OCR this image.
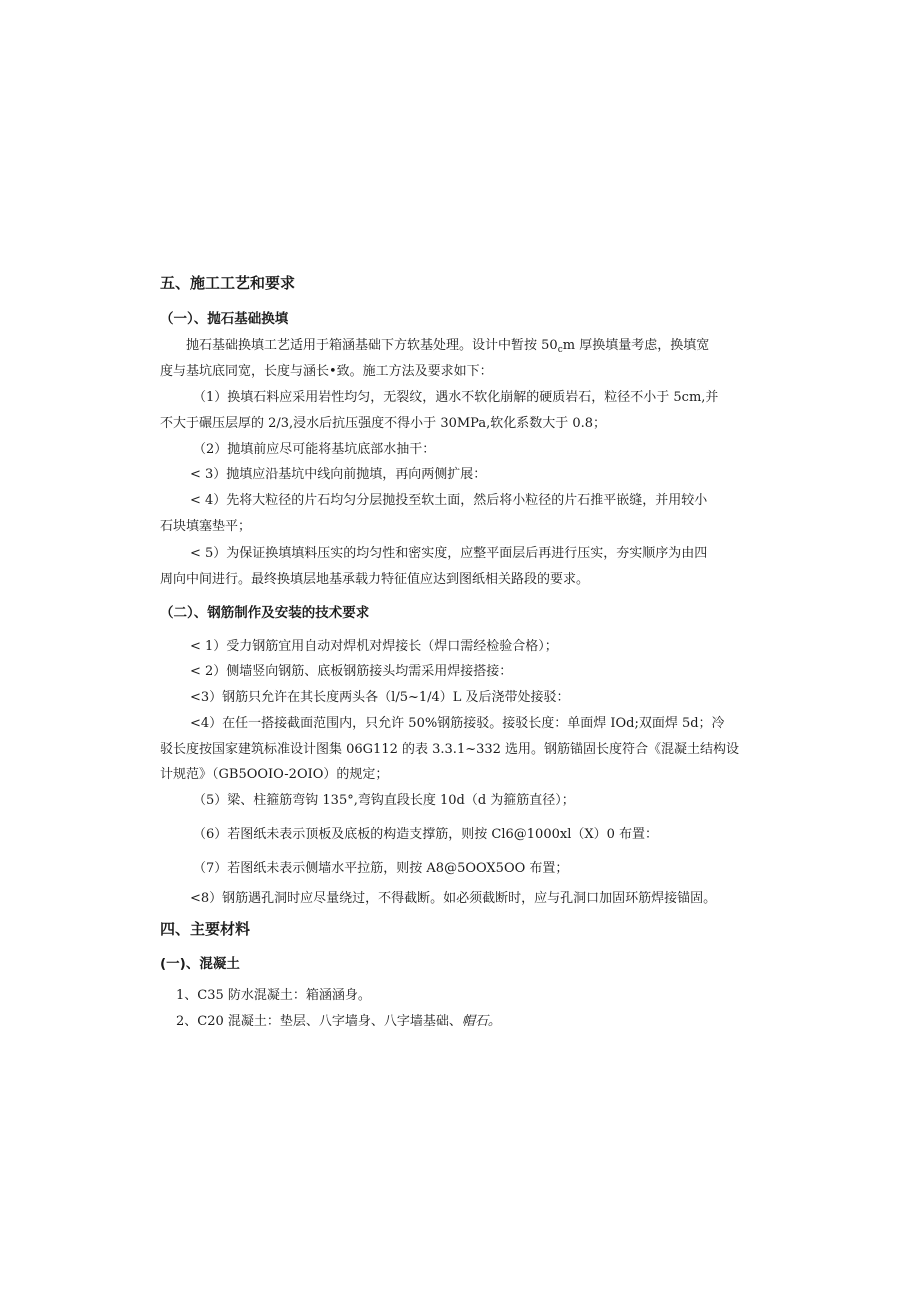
五、施工工艺和要求
（一）、抛石基础换填
抛石基础换填工艺适用于箱涵基础下方软基处理。设计中暂按 $50_cm$ 厚换填量考虑，换填宽
度与基坑底同宽，长度与涵长•致。施工方法及要求如下：
（1）换填石料应采用岩性均匀，无裂纹，遇水不软化崩解的硬质岩石，粒径不小于 5cm,并
不大于碾压层厚的 2/3,浸水后抗压强度不得小于 30MPa,软化系数大于 0.8；
（2）抛填前应尽可能将基坑底部水抽干：
< 3）抛填应沿基坑中线向前抛填，再向两侧扩展：
< 4）先将大粒径的片石均匀分层抛投至软土面，然后将小粒径的片石推平嵌缝，并用较小
石块填塞垫平；
< 5）为保证换填填料压实的均匀性和密实度，应整平面层后再进行压实，夯实顺序为由四
周向中间进行。最终换填层地基承载力特征值应达到图纸相关路段的要求。
（二）、钢筋制作及安装的技术要求
< 1）受力钢筋宜用自动对焊机对焊接长（焊口需经检验合格）；
< 2）侧墙竖向钢筋、底板钢筋接头均需采用焊接搭接：
<3）钢筋只允许在其长度两头各（l/5~1/4）L 及后浇带处接驳：
<4）在任一搭接截面范围内，只允许 50%钢筋接驳。接驳长度：单面焊 IOd;双面焊 5d；冷
驳长度按国家建筑标准设计图集 06G112 的表 3.3.1~332 选用。钢筋锚固长度符合《混凝土结构设
计规范》（GB5OOIO-2OIO）的规定；
（5）梁、柱箍筋弯钩 135°,弯钩直段长度 10d（d 为箍筋直径）；
（6）若图纸未表示顶板及底板的构造支撑筋，则按 Cl6@1000xl（X）0 布置：
（7）若图纸未表示侧墙水平拉筋，则按 A8@5OOX5OO 布置；
<8）钢筋遇孔洞时应尽量绕过，不得截断。如必须截断时，应与孔洞口加固环筋焊接锚固。
四、主要材料
(一)、混凝土
1、C35 防水混凝土：箱涵涵身。
2、C20 混凝土：垫层、八字墙身、八字墙基础、帽石。
